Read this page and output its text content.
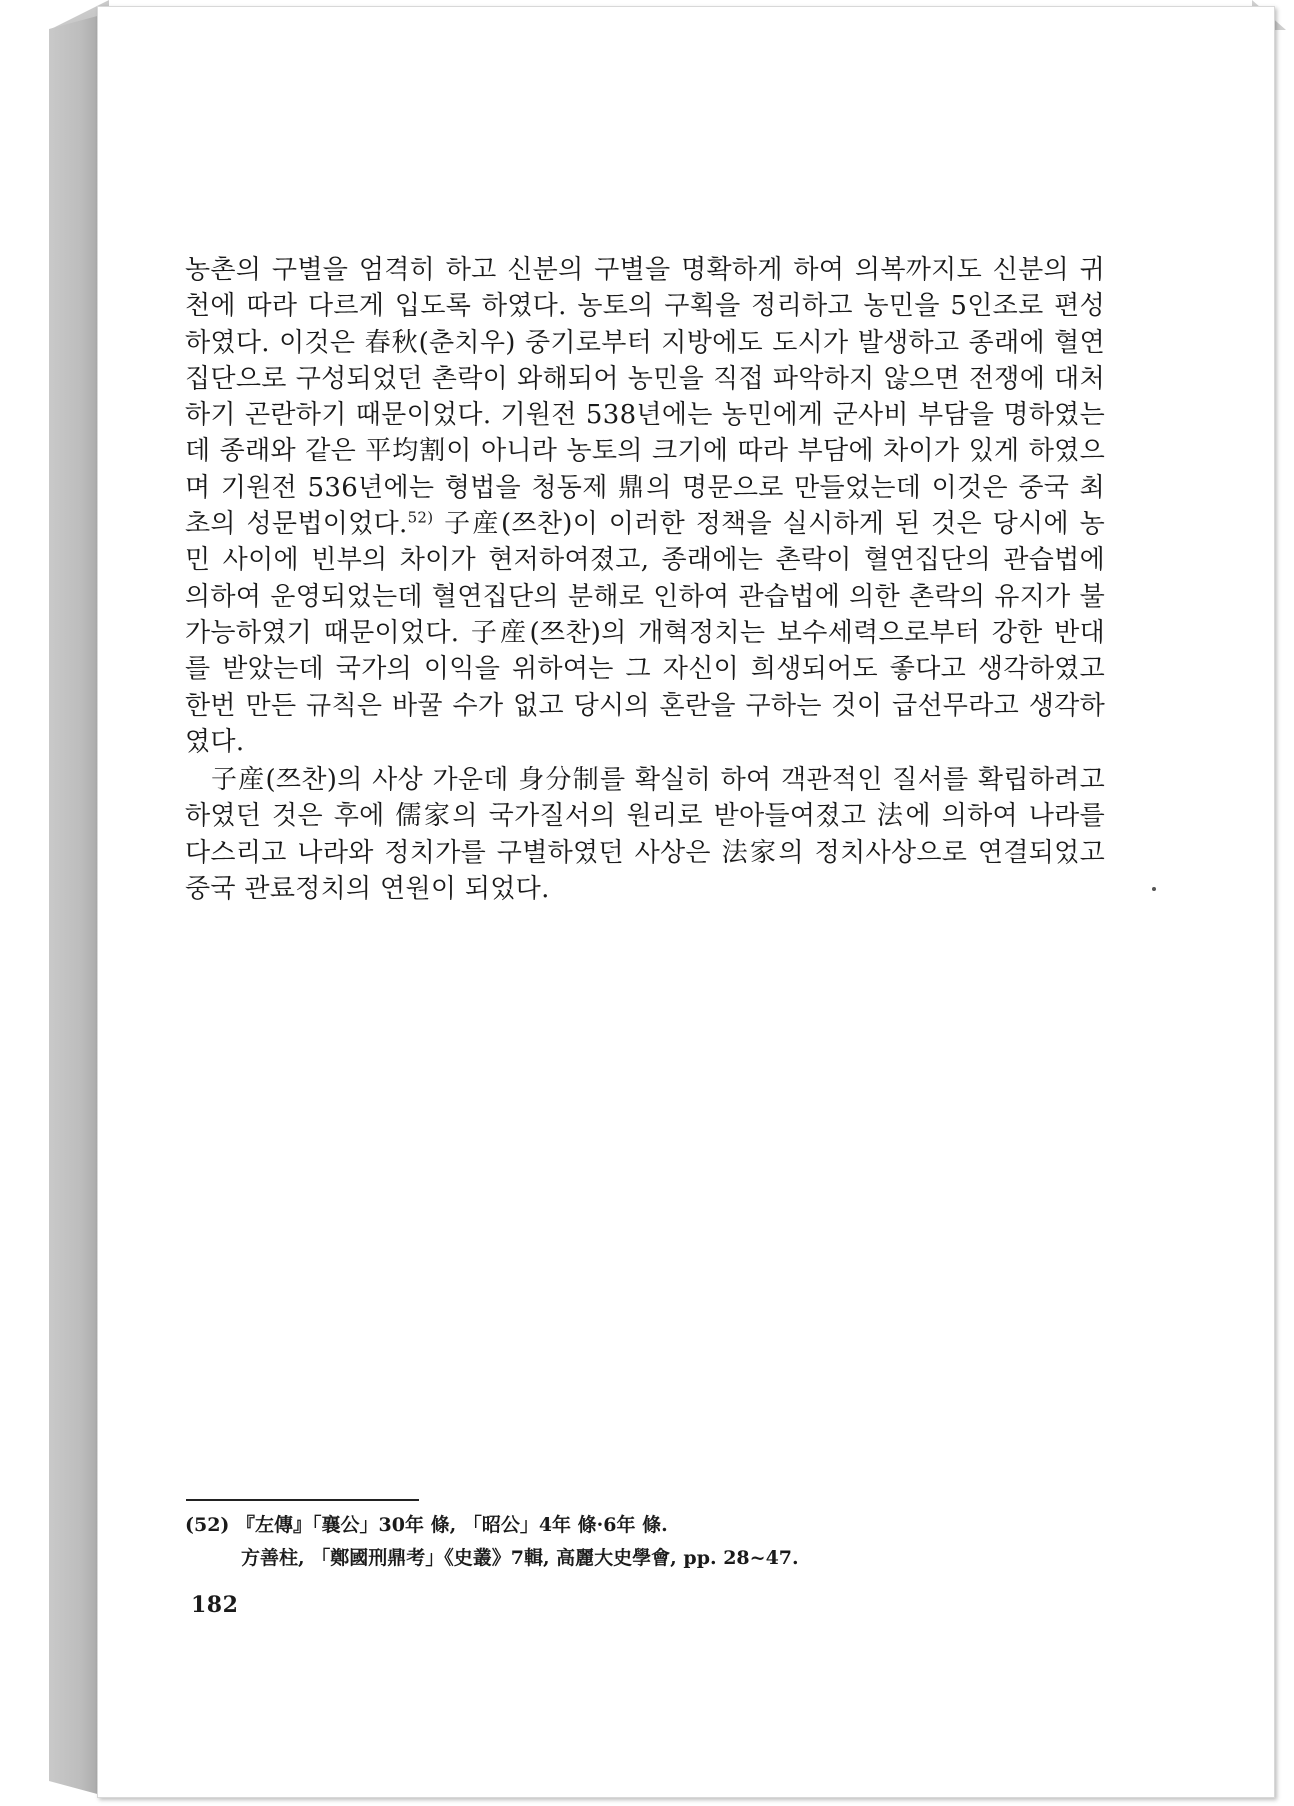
농촌의 구별을 엄격히 하고 신분의 구별을 명확하게 하여 의복까지도 신분의 귀천에 따라 다르게 입도록 하였다. 농토의 구획을 정리하고 농민을 5인조로 편성하였다. 이것은 春秋(춘치우) 중기로부터 지방에도 도시가 발생하고 종래에 혈연집단으로 구성되었던 촌락이 와해되어 농민을 직접 파악하지 않으면 전쟁에 대처하기 곤란하기 때문이었다. 기원전 538년에는 농민에게 군사비 부담을 명하였는데 종래와 같은 平均割이 아니라 농토의 크기에 따라 부담에 차이가 있게 하였으며 기원전 536년에는 형법을 청동제 鼎의 명문으로 만들었는데 이것은 중국 최초의 성문법이었다.$^{52)}$ 子産(쯔찬)이 이러한 정책을 실시하게 된 것은 당시에 농민 사이에 빈부의 차이가 현저하여졌고, 종래에는 촌락이 혈연집단의 관습법에 의하여 운영되었는데 혈연집단의 분해로 인하여 관습법에 의한 촌락의 유지가 불가능하였기 때문이었다. 子産(쯔찬)의 개혁정치는 보수세력으로부터 강한 반대를 받았는데 국가의 이익을 위하여는 그 자신이 희생되어도 좋다고 생각하였고 한번 만든 규칙은 바꿀 수가 없고 당시의 혼란을 구하는 것이 급선무라고 생각하였다.

子産(쯔찬)의 사상 가운데 身分制를 확실히 하여 객관적인 질서를 확립하려고 하였던 것은 후에 儒家의 국가질서의 원리로 받아들여졌고 法에 의하여 나라를 다스리고 나라와 정치가를 구별하였던 사상은 法家의 정치사상으로 연결되었고 중국 관료정치의 연원이 되었다.

(52) 『左傳』「襄公」30年 條, 「昭公」4年 條·6年 條.
方善柱, 「鄭國刑鼎考」《史叢》7輯, 高麗大史學會, pp. 28~47.
182
